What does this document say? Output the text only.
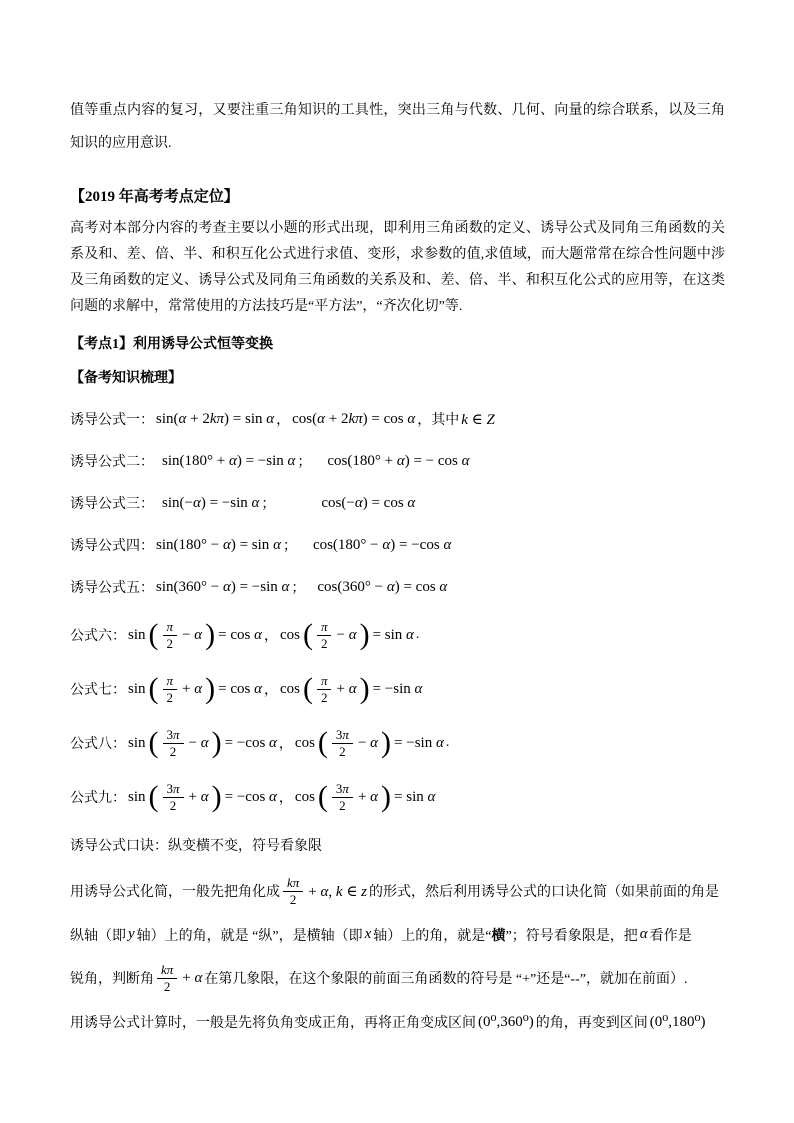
值等重点内容的复习，又要注重三角知识的工具性，突出三角与代数、几何、向量的综合联系，以及三角知识的应用意识.

【2019 年高考考点定位】

高考对本部分内容的考查主要以小题的形式出现，即利用三角函数的定义、诱导公式及同角三角函数的关系及和、差、倍、半、和积互化公式进行求值、变形，求参数的值,求值域，而大题常常在综合性问题中涉及三角函数的定义、诱导公式及同角三角函数的关系及和、差、倍、半、和积互化公式的应用等，在这类问题的求解中，常常使用的方法技巧是“平方法”，“齐次化切”等.

【考点1】利用诱导公式恒等变换
【备考知识梳理】
诱导公式一： sin(α + 2kπ) = sin α ， cos(α + 2kπ) = cos α ，其中 k ∈ Z
诱导公式二： sin(180° + α) = −sin α ； cos(180° + α) = − cos α
诱导公式三： sin(−α) = −sin α ；	cos(−α) = cos α
诱导公式四： sin(180° − α) = sin α ； cos(180° − α) = −cos α
诱导公式五： sin(360° − α) = −sin α ； cos(360° − α) = cos α
公式六： sin ( $\frac{\pi}{2} - \alpha$ ) = cos α ， cos ( $\frac{\pi}{2} - \alpha$ ) = sin α .
公式七： sin ( $\frac{\pi}{2} + \alpha$ ) = cos α ， cos ( $\frac{\pi}{2} + \alpha$ ) = −sin α
公式八： sin ( $\frac{3\pi}{2} - \alpha$ ) = −cos α ， cos ( $\frac{3\pi}{2} - \alpha$ ) = −sin α .
公式九： sin ( $\frac{3\pi}{2} + \alpha$ ) = −cos α ， cos ( $\frac{3\pi}{2} + \alpha$ ) = sin α
诱导公式口诀：纵变横不变，符号看象限
用诱导公式化简，一般先把角化成 $\frac{k\pi}{2} + \alpha$, k ∈ z 的形式，然后利用诱导公式的口诀化简（如果前面的角是
纵轴（即 y 轴）上的角，就是 “纵”，是横轴（即 x 轴）上的角，就是“ 横 ”；符号看象限是，把 α 看作是
锐角，判断角 $\frac{k\pi}{2} + \alpha$ 在第几象限，在这个象限的前面三角函数的符号是 “+”还是“--”，就加在前面）.
用诱导公式计算时，一般是先将负角变成正角，再将正角变成区间 (0⁰,360⁰) 的角，再变到区间 (0⁰,180⁰)
